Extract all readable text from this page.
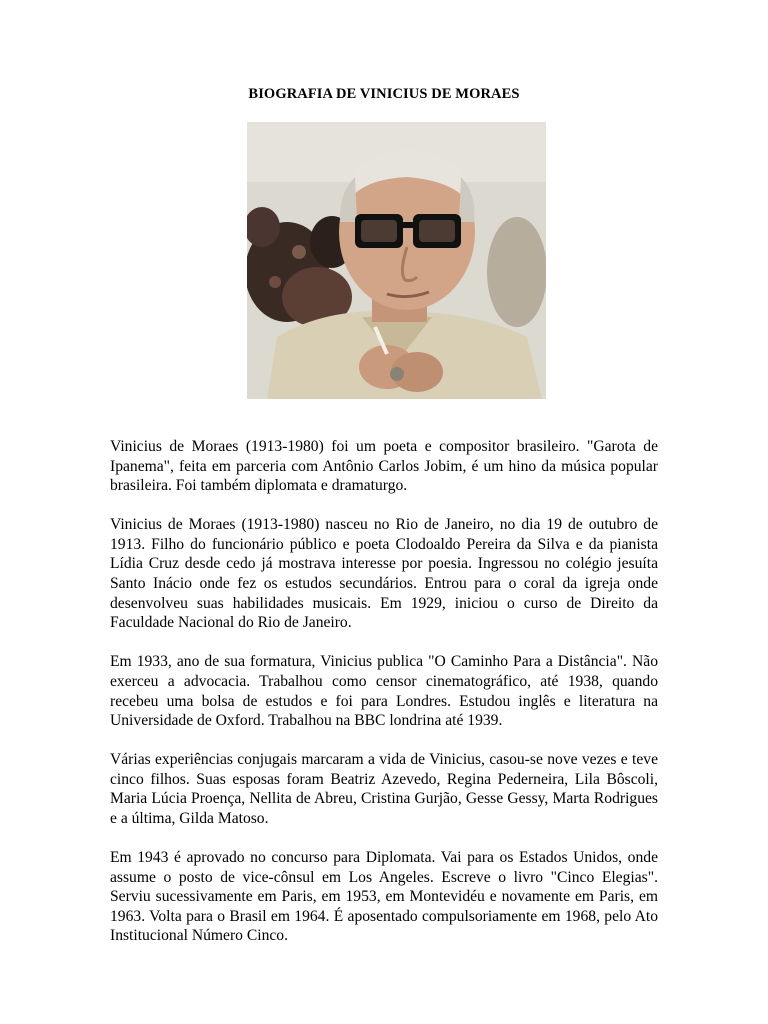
BIOGRAFIA DE VINICIUS DE MORAES

Vinicius de Moraes (1913-1980) foi um poeta e compositor brasileiro. "Garota de Ipanema", feita em parceria com Antônio Carlos Jobim, é um hino da música popular brasileira. Foi também diplomata e dramaturgo.

Vinicius de Moraes (1913-1980) nasceu no Rio de Janeiro, no dia 19 de outubro de 1913. Filho do funcionário público e poeta Clodoaldo Pereira da Silva e da pianista Lídia Cruz desde cedo já mostrava interesse por poesia. Ingressou no colégio jesuíta Santo Inácio onde fez os estudos secundários. Entrou para o coral da igreja onde desenvolveu suas habilidades musicais. Em 1929, iniciou o curso de Direito da Faculdade Nacional do Rio de Janeiro.

Em 1933, ano de sua formatura, Vinicius publica "O Caminho Para a Distância". Não exerceu a advocacia. Trabalhou como censor cinematográfico, até 1938, quando recebeu uma bolsa de estudos e foi para Londres. Estudou inglês e literatura na Universidade de Oxford. Trabalhou na BBC londrina até 1939.

Várias experiências conjugais marcaram a vida de Vinicius, casou-se nove vezes e teve cinco filhos. Suas esposas foram Beatriz Azevedo, Regina Pederneira, Lila Bôscoli, Maria Lúcia Proença, Nellita de Abreu, Cristina Gurjão, Gesse Gessy, Marta Rodrigues e a última, Gilda Matoso.

Em 1943 é aprovado no concurso para Diplomata. Vai para os Estados Unidos, onde assume o posto de vice-cônsul em Los Angeles. Escreve o livro "Cinco Elegias". Serviu sucessivamente em Paris, em 1953, em Montevidéu e novamente em Paris, em 1963. Volta para o Brasil em 1964. É aposentado compulsoriamente em 1968, pelo Ato Institucional Número Cinco.
